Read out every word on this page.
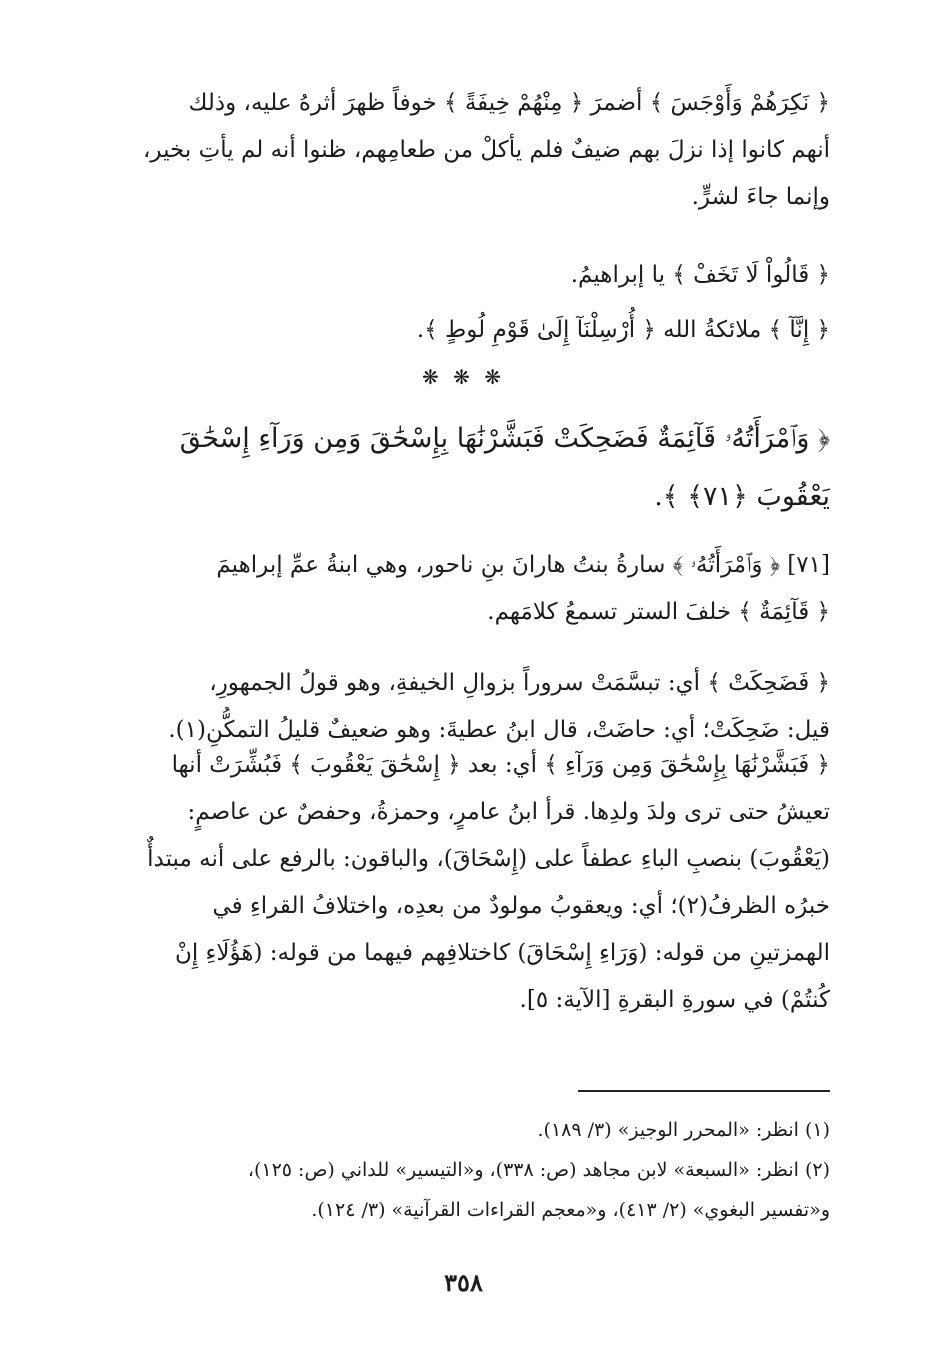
﴿ نَكِرَهُمْ وَأَوْجَسَ ﴾ أضمرَ ﴿ مِنْهُمْ خِيفَةً ﴾ خوفاً ظهرَ أثرهُ عليه، وذلك
أنهم كانوا إذا نزلَ بهم ضيفٌ فلم يأكلْ من طعامِهم، ظنوا أنه لم يأتِ بخير،
وإنما جاءَ لشرٍّ.
﴿ قَالُواْ لَا تَخَفْ ﴾ يا إبراهيمُ.
﴿ إِنَّآ ﴾ ملائكةُ الله ﴿ أُرْسِلْنَآ إِلَىٰ قَوْمِ لُوطٍ ﴾.
❋ ❋ ❋
﴿ وَٱمْرَأَتُهُۥ قَآئِمَةٌ فَضَحِكَتْ فَبَشَّرْنَٰهَا بِإِسْحَٰقَ وَمِن وَرَآءِ إِسْحَٰقَ
يَعْقُوبَ ﴿٧١﴾ ﴾.
[٧١] ﴿ وَٱمْرَأَتُهُۥ ﴾ سارةُ بنتُ هارانَ بنِ ناحور، وهي ابنةُ عمِّ إبراهيمَ
﴿ قَآئِمَةٌ ﴾ خلفَ الستر تسمعُ كلامَهم.
﴿ فَضَحِكَتْ ﴾ أي: تبسَّمَتْ سروراً بزوالِ الخيفةِ، وهو قولُ الجمهورِ،
قيل: ضَحِكَتْ؛ أي: حاضَتْ، قال ابنُ عطيةَ: وهو ضعيفٌ قليلُ التمكُّنِ(١).
﴿ فَبَشَّرْنَٰهَا بِإِسْحَٰقَ وَمِن وَرَآءِ ﴾ أي: بعد ﴿ إِسْحَٰقَ يَعْقُوبَ ﴾ فَبُشِّرَتْ أنها
تعيشُ حتى ترى ولدَ ولدِها. قرأ ابنُ عامرٍ، وحمزةُ، وحفصٌ عن عاصمٍ:
(يَعْقُوبَ) بنصبِ الباءِ عطفاً على (إِسْحَاقَ)، والباقون: بالرفع على أنه مبتدأٌ
خبرُه الظرفُ(٢)؛ أي: ويعقوبُ مولودٌ من بعدِه، واختلافُ القراءِ في
الهمزتينِ من قوله: (وَرَاءِ إِسْحَاقَ) كاختلافِهم فيهما من قوله: (هَؤُلَاءِ إِنْ
كُنتُمْ) في سورةِ البقرةِ [الآية: ٥].
(١) انظر: «المحرر الوجيز» (٣/ ١٨٩).
(٢) انظر: «السبعة» لابن مجاهد (ص: ٣٣٨)، و«التيسير» للداني (ص: ١٢٥)،
و«تفسير البغوي» (٢/ ٤١٣)، و«معجم القراءات القرآنية» (٣/ ١٢٤).
٣٥٨
